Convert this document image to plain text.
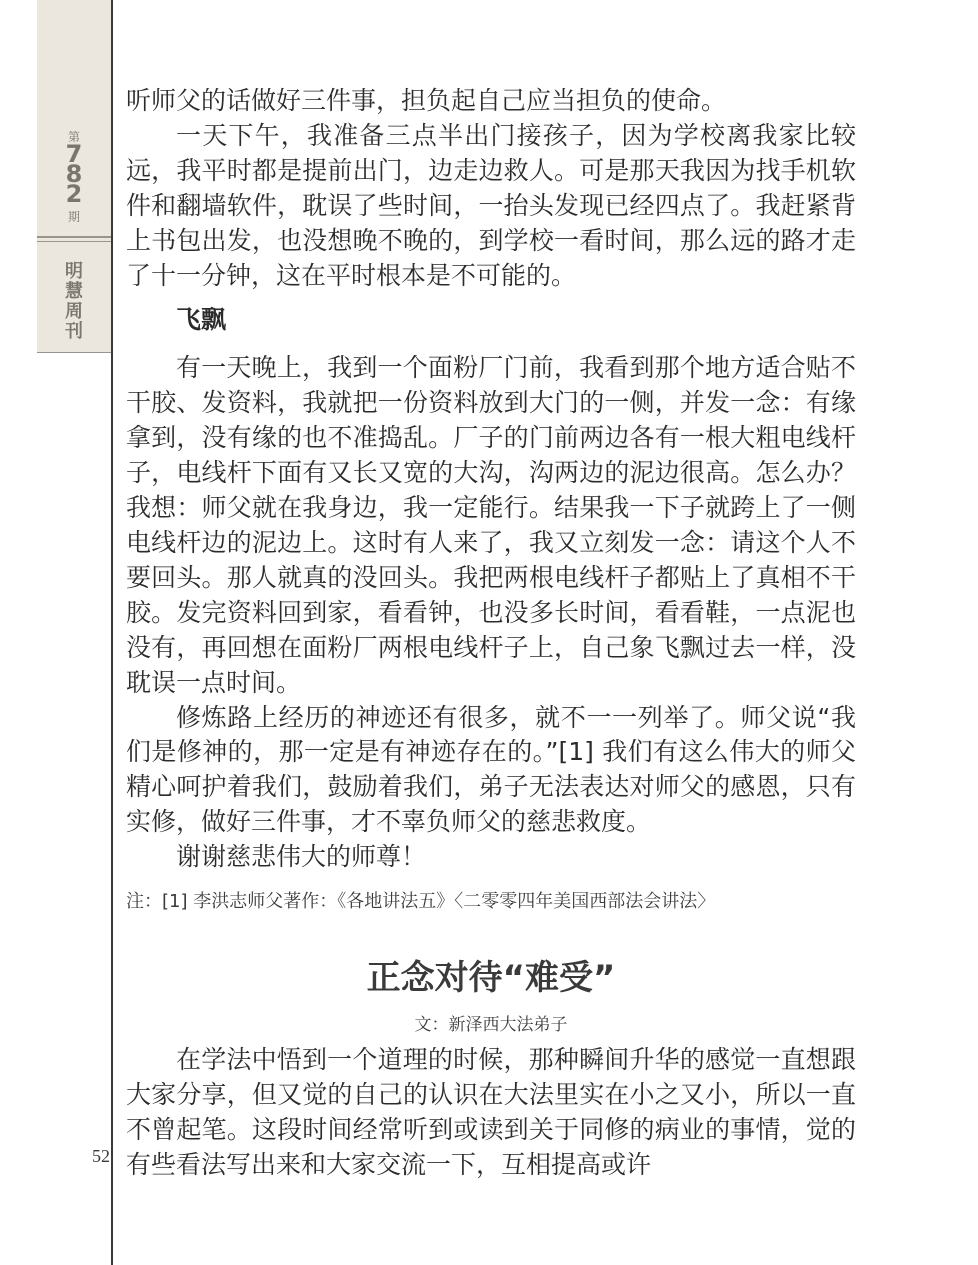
第
7
8
2
期
明
慧
周
刊

听师父的话做好三件事，担负起自己应当担负的使命。

一天下午，我准备三点半出门接孩子，因为学校离我家比较远，我平时都是提前出门，边走边救人。可是那天我因为找手机软件和翻墙软件，耽误了些时间，一抬头发现已经四点了。我赶紧背上书包出发，也没想晚不晚的，到学校一看时间，那么远的路才走了十一分钟，这在平时根本是不可能的。

飞飘

有一天晚上，我到一个面粉厂门前，我看到那个地方适合贴不干胶、发资料，我就把一份资料放到大门的一侧，并发一念：有缘拿到，没有缘的也不准捣乱。厂子的门前两边各有一根大粗电线杆子，电线杆下面有又长又宽的大沟，沟两边的泥边很高。怎么办？我想：师父就在我身边，我一定能行。结果我一下子就跨上了一侧电线杆边的泥边上。这时有人来了，我又立刻发一念：请这个人不要回头。那人就真的没回头。我把两根电线杆子都贴上了真相不干胶。发完资料回到家，看看钟，也没多长时间，看看鞋，一点泥也没有，再回想在面粉厂两根电线杆子上，自己象飞飘过去一样，没耽误一点时间。

修炼路上经历的神迹还有很多，就不一一列举了。师父说“我们是修神的，那一定是有神迹存在的。”[1] 我们有这么伟大的师父精心呵护着我们，鼓励着我们，弟子无法表达对师父的感恩，只有实修，做好三件事，才不辜负师父的慈悲救度。

谢谢慈悲伟大的师尊！

注：[1] 李洪志师父著作：《各地讲法五》〈二零零四年美国西部法会讲法〉
正念对待“难受”
文：新泽西大法弟子

在学法中悟到一个道理的时候，那种瞬间升华的感觉一直想跟大家分享，但又觉的自己的认识在大法里实在小之又小，所以一直不曾起笔。这段时间经常听到或读到关于同修的病业的事情，觉的有些看法写出来和大家交流一下，互相提高或许

52
